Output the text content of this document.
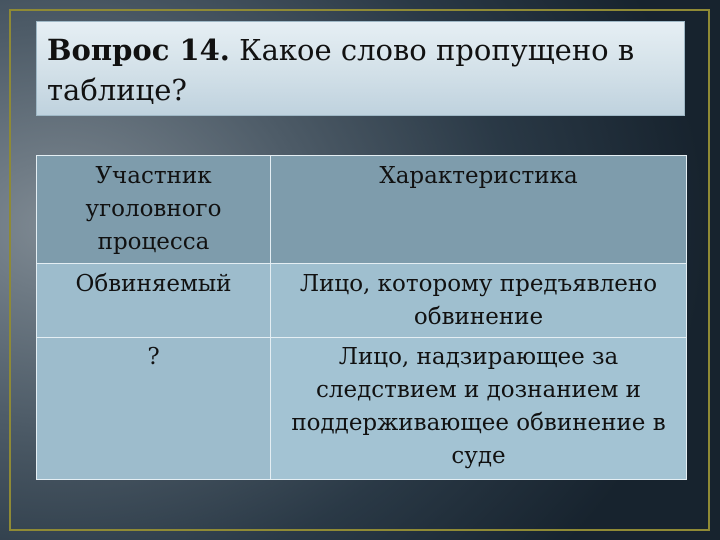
Вопрос 14. Какое слово пропущено в таблице?
Участник уголовного процесса	Характеристика
Обвиняемый	Лицо, которому предъявлено обвинение
?	Лицо, надзирающее за следствием и дознанием и поддерживающее обвинение в суде
